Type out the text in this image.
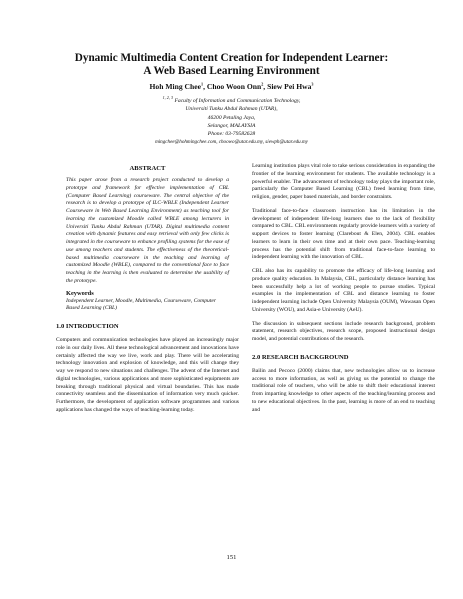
Dynamic Multimedia Content Creation for Independent Learner:
A Web Based Learning Environment
Hoh Ming Chee$^1$, Choo Woon Onn$^2$, Siew Pei Hwa$^3$
$^{1, 2, 3}$ Faculty of Information and Communication Technology,
Universiti Tunku Abdul Rahman (UTAR),
46200 Petaling Jaya,
Selangor, MALAYSIA
Phone: 03-79582628
mingchee@hohmingchee.com, choowo@utar.edu.my, siewph@utar.edu.my
ABSTRACT
This paper arose from a research project conducted to develop a prototype and framework for effective implementation of CBL (Computer Based Learning) courseware. The central objective of the research is to develop a prototype of ILC-WBLE (Independent Learner Courseware in Web Based Learning Environment) as teaching tool for learning the customized Moodle called WBLE among lecturers in Universiti Tunku Abdul Rahman (UTAR). Digital multimedia content creation with dynamic features and easy retrieval with only few clicks is integrated in the courseware to enhance profiling systems for the ease of use among teachers and students. The effectiveness of the theoretical-based multimedia courseware in the teaching and learning of customized Moodle (WBLE), compared to the conventional face to face teaching in the learning is then evaluated to determine the usability of the prototype.
Keywords
Independent Learner, Moodle, Multimedia, Courseware, Computer Based Learning (CBL)
1.0 INTRODUCTION
Computers and communication technologies have played an increasingly major role in our daily lives. All these technological advancement and innovations have certainly affected the way we live, work and play. There will be accelerating technology innovation and explosion of knowledge, and this will change they way we respond to new situations and challenges. The advent of the Internet and digital technologies, various applications and more sophisticated equipments are breaking through traditional physical and virtual boundaries. This has made connectivity seamless and the dissemination of information very much quicker. Furthermore, the development of application software programmes and various applications has changed the ways of teaching-learning today.
Learning institution plays vital role to take serious consideration in expanding the frontier of the learning environment for students. The available technology is a powerful enabler. The advancement of technology today plays the important role, particularly the Computer Based Learning (CBL) freed learning from time, religion, gender, paper based materials, and border constraints.
Traditional face-to-face classroom instruction has its limitation in the development of independent life-long learners due to the lack of flexibility compared to CBL. CBL environments regularly provide learners with a variety of support devices to foster learning (Clarebout & Elen, 2004). CBL enables learners to learn in their own time and at their own pace. Teaching-learning process has the potential shift from traditional face-to-face learning to independent learning with the innovation of CBL.
CBL also has its capability to promote the efficacy of life-long learning and produce quality education. In Malaysia, CBL, particularly distance learning has been successfully help a lot of working people to pursue studies. Typical examples in the implementation of CBL and distance learning to foster independent learning include Open University Malaysia (OUM), Wawasan Open University (WOU), and Asia-e University (AeU).
The discussion in subsequent sections include research background, problem statement, research objectives, research scope, proposed instructional design model, and potential contributions of the research.
2.0 RESEARCH BACKGROUND
Bailin and Pecoco (2000) claims that, new technologies allow us to increase access to more information, as well as giving us the potential to change the traditional role of teachers, who will be able to shift their educational interest from imparting knowledge to other aspects of the teaching/learning process and to new educational objectives. In the past, learning is more of an end to teaching and
151
